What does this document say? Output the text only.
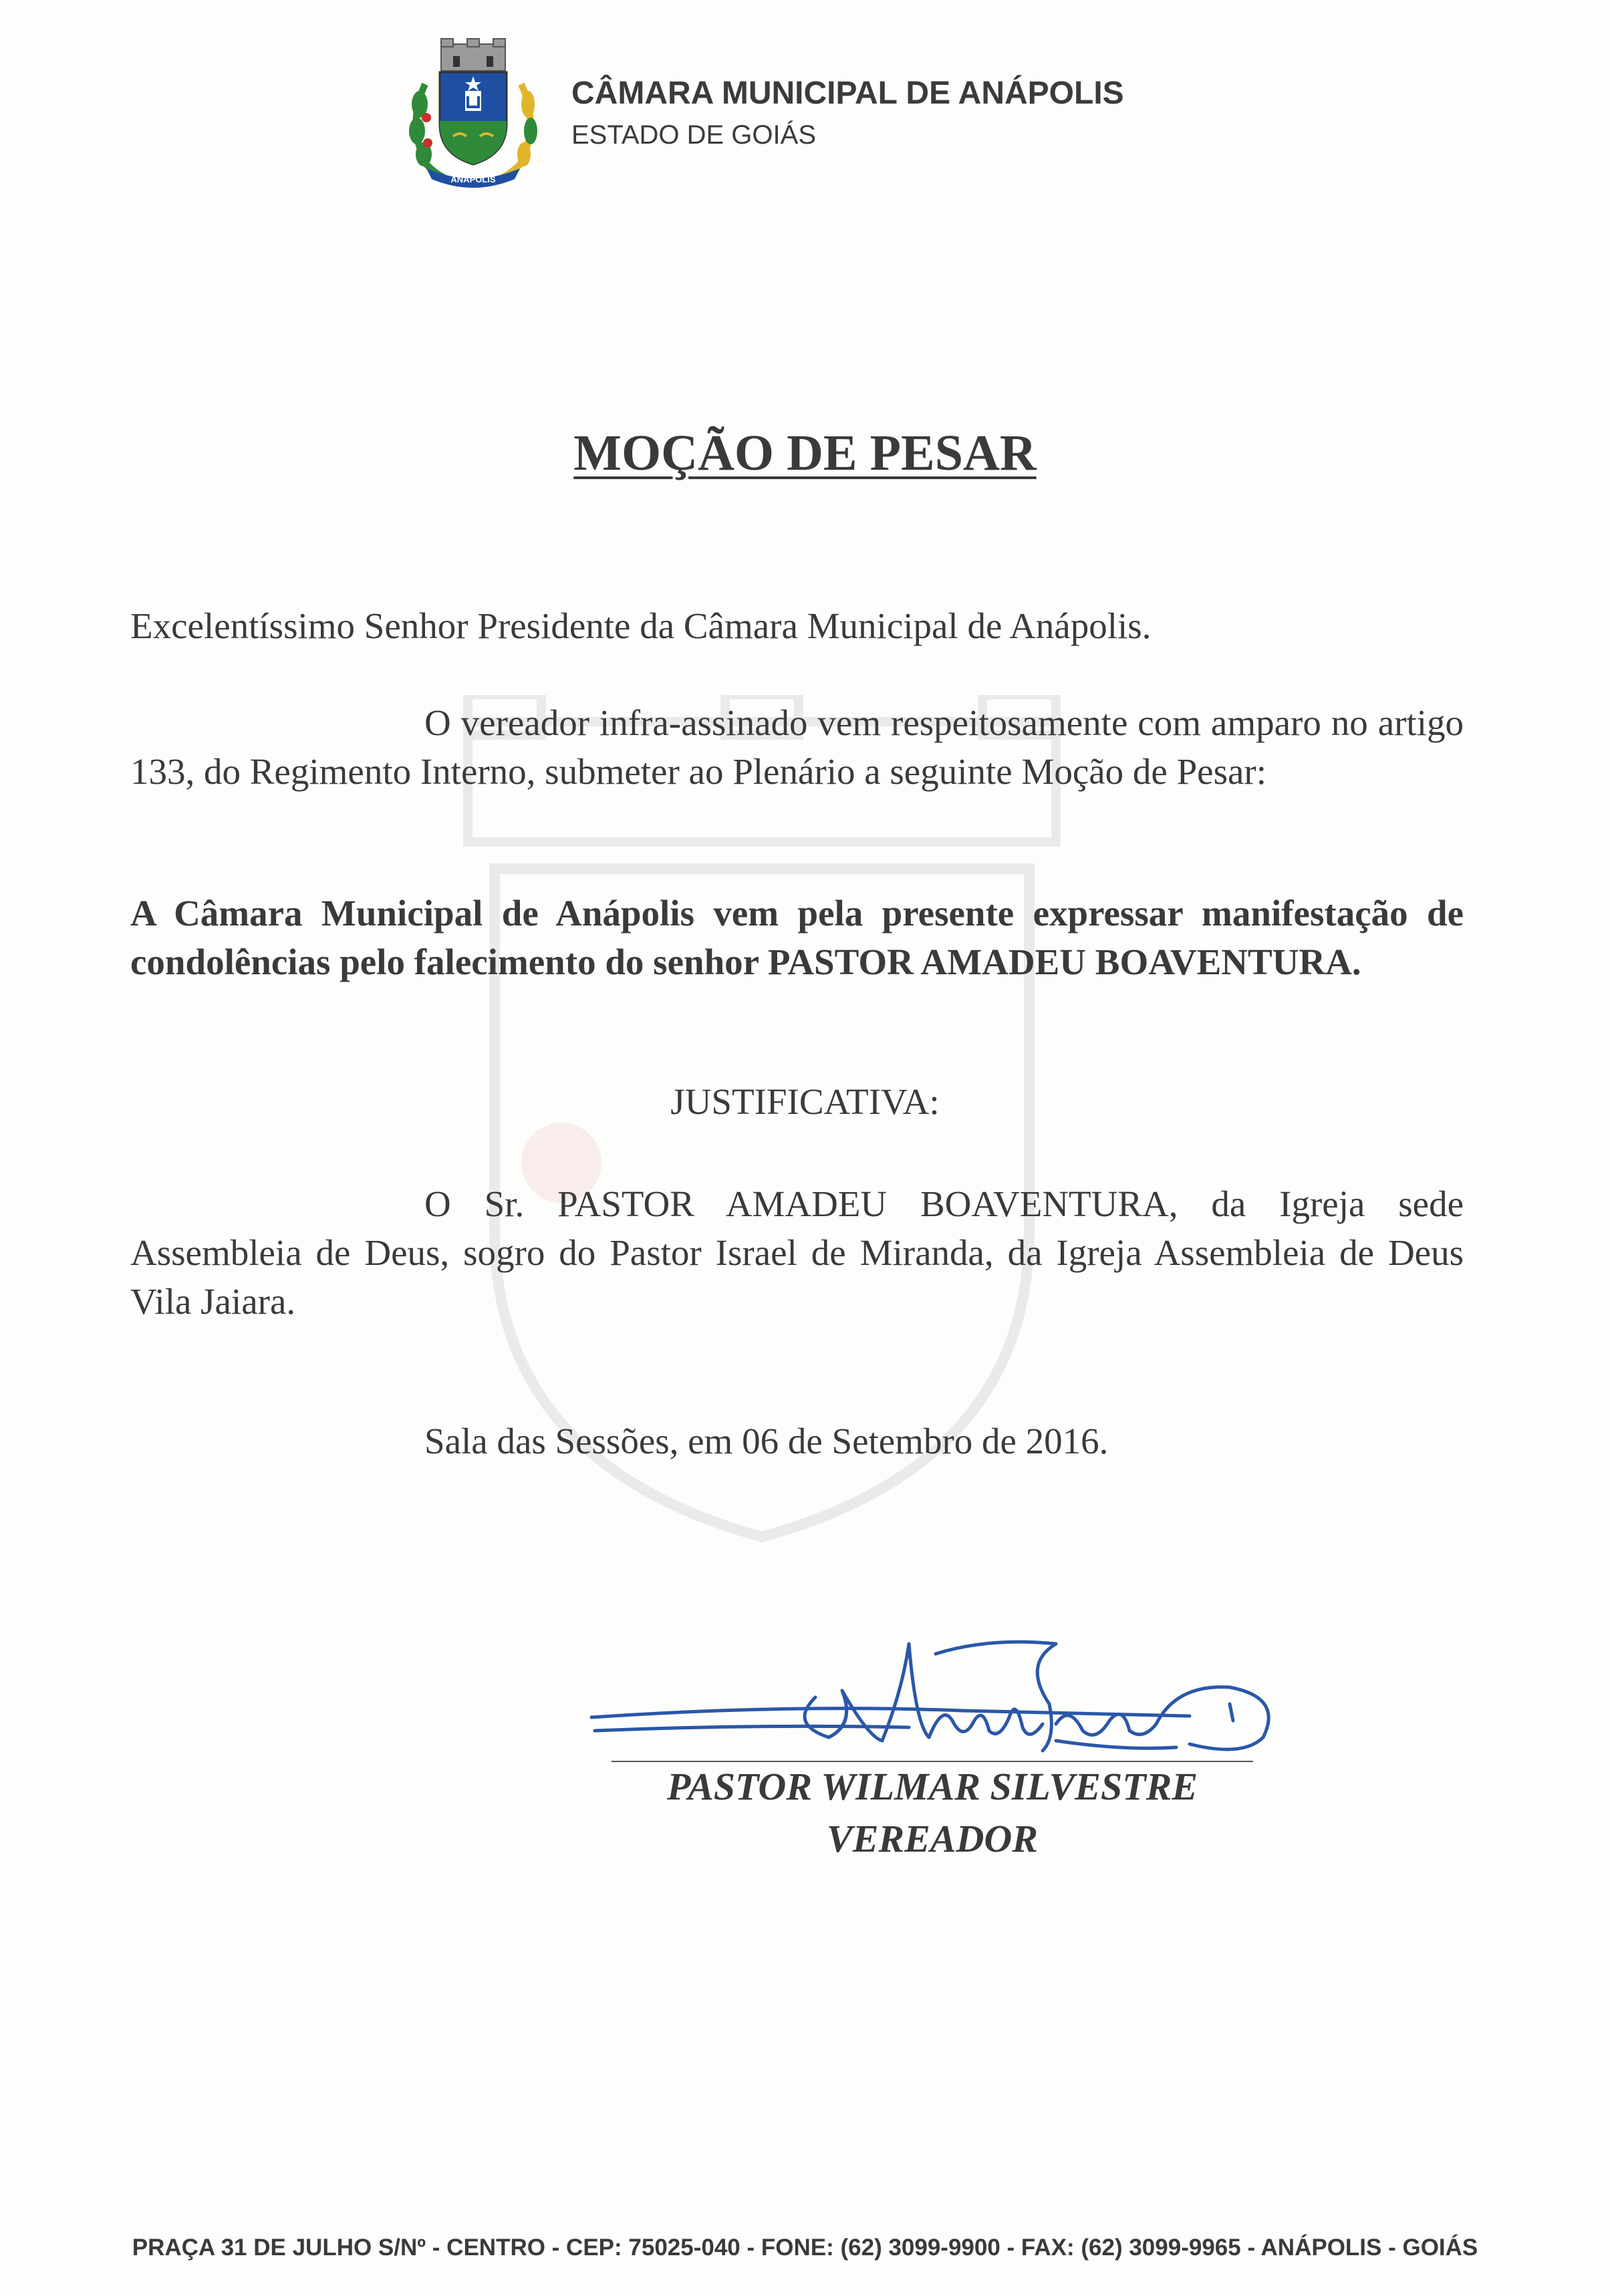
ANÁPOLIS
CÂMARA MUNICIPAL DE ANÁPOLIS
ESTADO DE GOIÁS
MOÇÃO DE PESAR
Excelentíssimo Senhor Presidente da Câmara Municipal de Anápolis.
O vereador infra-assinado vem respeitosamente com amparo no artigo 133, do Regimento Interno, submeter ao Plenário a seguinte Moção de Pesar:
A Câmara Municipal de Anápolis vem pela presente expressar manifestação de condolências pelo falecimento do senhor PASTOR AMADEU BOAVENTURA.
JUSTIFICATIVA:
O Sr. PASTOR AMADEU BOAVENTURA, da Igreja sede Assembleia de Deus, sogro do Pastor Israel de Miranda, da Igreja Assembleia de Deus Vila Jaiara.
Sala das Sessões, em 06 de Setembro de 2016.
PASTOR WILMAR SILVESTRE
VEREADOR
PRAÇA 31 DE JULHO S/Nº - CENTRO - CEP: 75025-040 - FONE: (62) 3099-9900 - FAX: (62) 3099-9965 - ANÁPOLIS - GOIÁS
